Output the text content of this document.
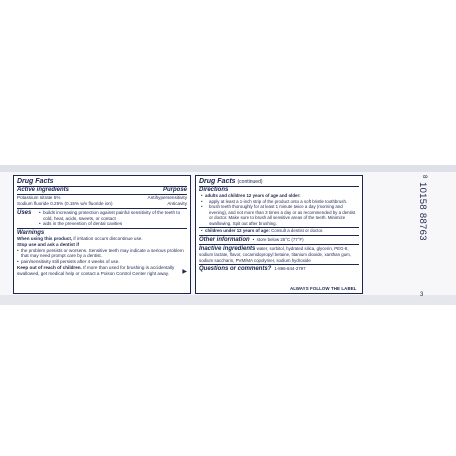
Drug Facts
Active ingredients	Purpose
Potassium nitrate 5%	Antihypersensitivity
Sodium fluoride 0.25% (0.15% w/v fluoride ion)	Anticavity
Uses	• builds increasing protection against painful sensitivity of the teeth to cold, heat, acids, sweets, or contact
• aids in the prevention of dental cavities
Warnings
When using this product, if irritation occurs discontinue use.
Stop use and ask a dentist if
• the problem persists or worsens. Sensitive teeth may indicate a serious problem that may need prompt care by a dentist.
• pain/sensitivity still persists after 4 weeks of use.
Keep out of reach of children. If more than used for brushing is accidentally swallowed, get medical help or contact a Poison Control Center right away.	▶
Drug Facts (continued)
Directions
• adults and children 12 years of age and older:
• apply at least a 1-inch strip of the product onto a soft bristle toothbrush.
• brush teeth thoroughly for at least 1 minute twice a day (morning and evening), and not more than 3 times a day or as recommended by a dentist or doctor. Make sure to brush all sensitive areas of the teeth. Minimize swallowing. Spit out after brushing.
• children under 12 years of age: Consult a dentist or doctor.
Other information	• store below 25°C (77°F)
Inactive ingredients water, sorbitol, hydrated silica, glycerin, PEG-8, sodium lactate, flavor, cocamidopropyl betaine, titanium dioxide, xanthan gum, sodium saccharin, PVM/MA copolymer, sodium hydroxide
Questions or comments? 1-866-844-2797
ALWAYS FOLLOW THE LABEL
8
10158 88763
3
